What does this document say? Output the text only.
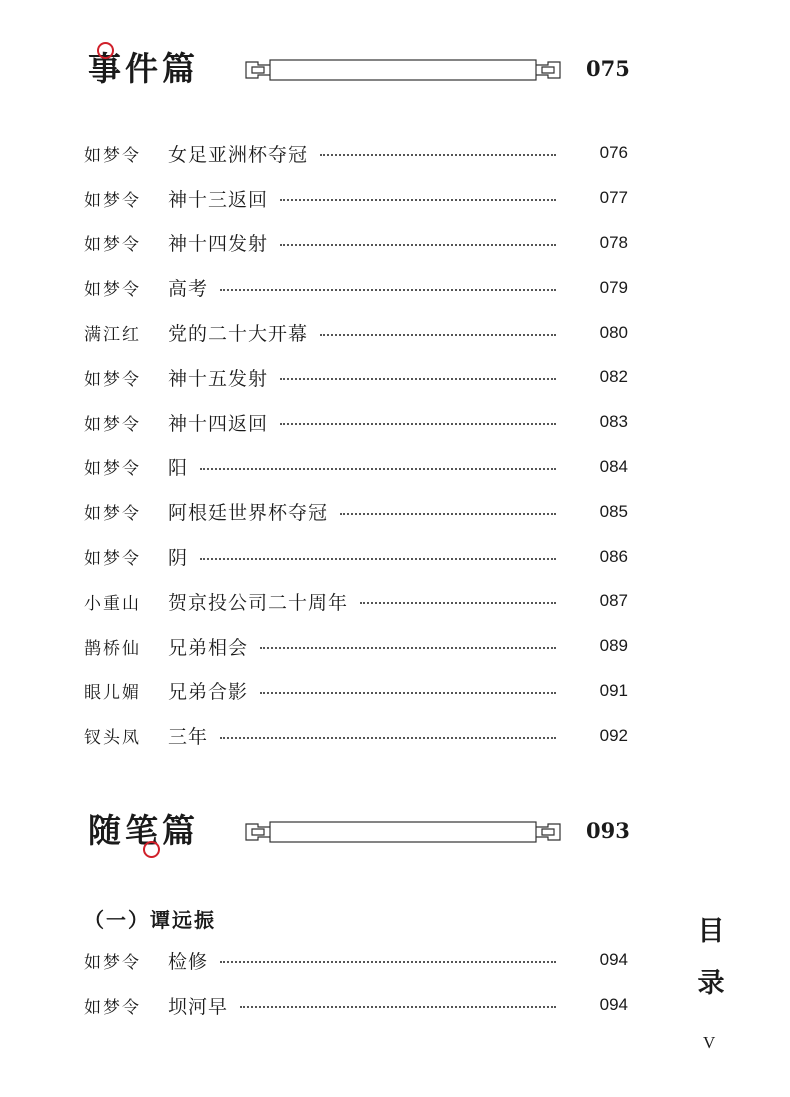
事件篇	075
如梦令	女足亚洲杯夺冠	076
如梦令	神十三返回	077
如梦令	神十四发射	078
如梦令	高考	079
满江红	党的二十大开幕	080
如梦令	神十五发射	082
如梦令	神十四返回	083
如梦令	阳	084
如梦令	阿根廷世界杯夺冠	085
如梦令	阴	086
小重山	贺京投公司二十周年	087
鹊桥仙	兄弟相会	089
眼儿媚	兄弟合影	091
钗头凤	三年	092
随笔篇	093
（一）谭远振
如梦令	检修	094
如梦令	坝河早	094
目录
V
